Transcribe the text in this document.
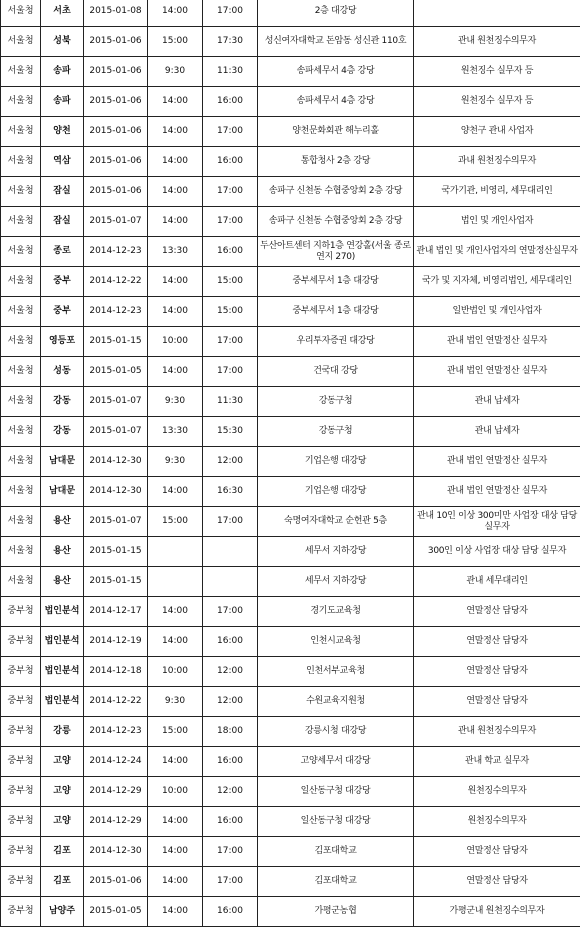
서울청	서초	2015-01-08	14:00	17:00	2층 대강당	
서울청	성북	2015-01-06	15:00	17:30	성신여자대학교 돈암동 성신관 110호	관내 원천징수의무자
서울청	송파	2015-01-06	9:30	11:30	송파세무서 4층 강당	원천징수 실무자 등
서울청	송파	2015-01-06	14:00	16:00	송파세무서 4층 강당	원천징수 실무자 등
서울청	양천	2015-01-06	14:00	17:00	양천문화회관 해누리홀	양천구 관내 사업자
서울청	역삼	2015-01-06	14:00	16:00	통합청사 2층 강당	과내 원천징수의무자
서울청	잠실	2015-01-06	14:00	17:00	송파구 신천동 수협중앙회 2층 강당	국가기관, 비영리, 세무대리인
서울청	잠실	2015-01-07	14:00	17:00	송파구 신천동 수협중앙회 2층 강당	법인 및 개인사업자
서울청	종로	2014-12-23	13:30	16:00	두산아트센터 지하1층 연강홀(서울 종로 연지 270)	관내 법인 및 개인사업자의 연말정산실무자
서울청	중부	2014-12-22	14:00	15:00	중부세무서 1층 대강당	국가 및 지자체, 비영리법인, 세무대리인
서울청	중부	2014-12-23	14:00	15:00	중부세무서 1층 대강당	일반법인 및 개인사업자
서울청	영등포	2015-01-15	10:00	17:00	우리투자증권 대강당	관내 법인 연말정산 실무자
서울청	성동	2015-01-05	14:00	17:00	건국대 강당	관내 법인 연말정산 실무자
서울청	강동	2015-01-07	9:30	11:30	강동구청	관내 납세자
서울청	강동	2015-01-07	13:30	15:30	강동구청	관내 납세자
서울청	남대문	2014-12-30	9:30	12:00	기업은행 대강당	관내 법인 연말정산 실무자
서울청	남대문	2014-12-30	14:00	16:30	기업은행 대강당	관내 법인 연말정산 실무자
서울청	용산	2015-01-07	15:00	17:00	숙명여자대학교 순헌관 5층	관내 10인 이상 300미만 사업장 대상 담당 실무자
서울청	용산	2015-01-15			세무서 지하강당	300인 이상 사업장 대상 담당 실무자
서울청	용산	2015-01-15			세무서 지하강당	관내 세무대리인
중부청	법인분석	2014-12-17	14:00	17:00	경기도교육청	연말정산 담당자
중부청	법인분석	2014-12-19	14:00	16:00	인천시교육청	연말정산 담당자
중부청	법인분석	2014-12-18	10:00	12:00	인천서부교육청	연말정산 담당자
중부청	법인분석	2014-12-22	9:30	12:00	수원교육지원청	연말정산 담당자
중부청	강릉	2014-12-23	15:00	18:00	강릉시청 대강당	관내 원천징수의무자
중부청	고양	2014-12-24	14:00	16:00	고양세무서 대강당	관내 학교 실무자
중부청	고양	2014-12-29	10:00	12:00	일산동구청 대강당	원천징수의무자
중부청	고양	2014-12-29	14:00	16:00	일산동구청 대강당	원천징수의무자
중부청	김포	2014-12-30	14:00	17:00	김포대학교	연말정산 담당자
중부청	김포	2015-01-06	14:00	17:00	김포대학교	연말정산 담당자
중부청	남양주	2015-01-05	14:00	16:00	가평군농협	가평군내 원천징수의무자
